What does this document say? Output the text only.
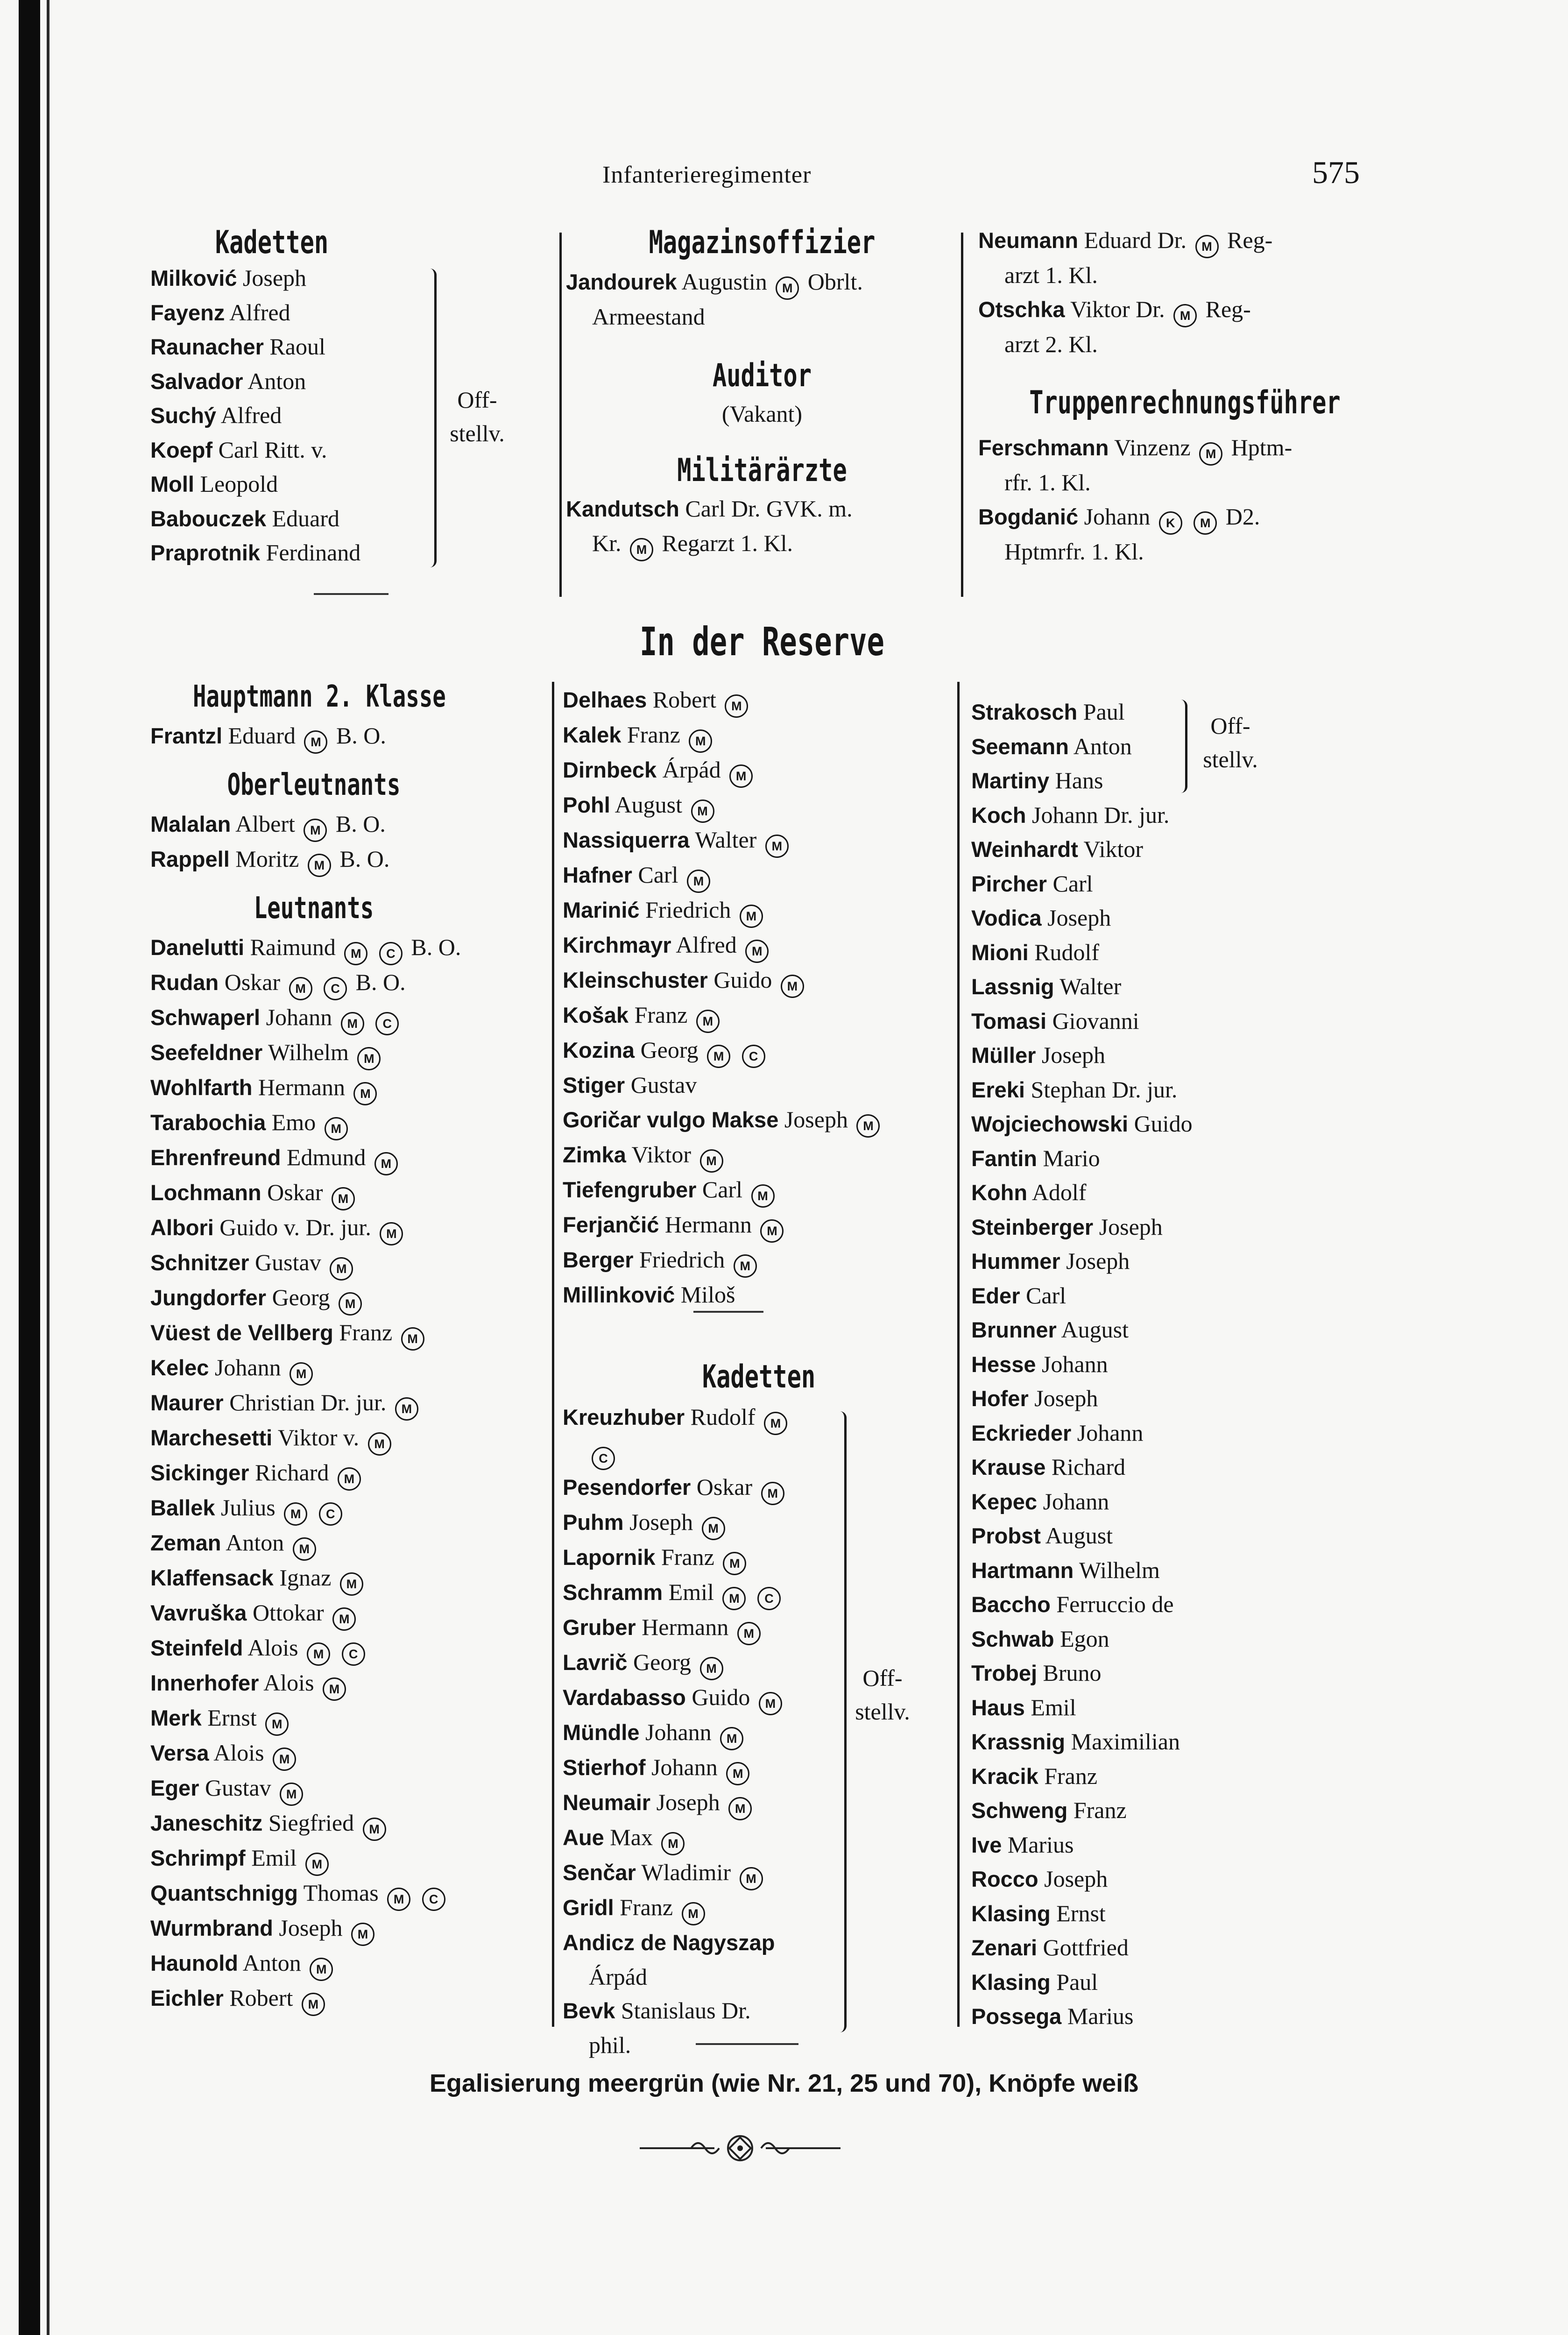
Infanterieregimenter	575
Kadetten
Milković Joseph
Fayenz Alfred
Raunacher Raoul
Salvador Anton
Suchý Alfred
Koepf Carl Ritt. v.
Moll Leopold
Babouczek Eduard
Praprotnik Ferdinand
Off-
stellv.
Hauptmann 2. Klasse
Frantzl Eduard M B. O.
Oberleutnants
Malalan Albert M B. O.
Rappell Moritz M B. O.
Leutnants
Danelutti Raimund M C B. O.
Rudan Oskar M C B. O.
Schwaperl Johann M C
Seefeldner Wilhelm M
Wohlfarth Hermann M
Tarabochia Emo M
Ehrenfreund Edmund M
Lochmann Oskar M
Albori Guido v. Dr. jur. M
Schnitzer Gustav M
Jungdorfer Georg M
Vüest de Vellberg Franz M
Kelec Johann M
Maurer Christian Dr. jur. M
Marchesetti Viktor v. M
Sickinger Richard M
Ballek Julius M C
Zeman Anton M
Klaffensack Ignaz M
Vavruška Ottokar M
Steinfeld Alois M C
Innerhofer Alois M
Merk Ernst M
Versa Alois M
Eger Gustav M
Janeschitz Siegfried M
Schrimpf Emil M
Quantschnigg Thomas M C
Wurmbrand Joseph M
Haunold Anton M
Eichler Robert M
Magazinsoffizier
Jandourek Augustin M Obrlt.
Armeestand
Auditor
(Vakant)
Militärärzte
Kandutsch Carl Dr. GVK. m.
Kr. M Regarzt 1. Kl.
In der Reserve
Delhaes Robert M
Kalek Franz M
Dirnbeck Árpád M
Pohl August M
Nassiquerra Walter M
Hafner Carl M
Marinić Friedrich M
Kirchmayr Alfred M
Kleinschuster Guido M
Košak Franz M
Kozina Georg M C
Stiger Gustav
Goričar vulgo Makse Joseph M
Zimka Viktor M
Tiefengruber Carl M
Ferjančić Hermann M
Berger Friedrich M
Millinković Miloš
Kadetten
Kreuzhuber Rudolf M
C
Pesendorfer Oskar M
Puhm Joseph M
Lapornik Franz M
Schramm Emil M C
Gruber Hermann M
Lavrič Georg M
Vardabasso Guido M
Mündle Johann M
Stierhof Johann M
Neumair Joseph M
Aue Max M
Senčar Wladimir M
Gridl Franz M
Andicz de Nagyszap
Árpád
Bevk Stanislaus Dr.
phil.
Off-
stellv.
Neumann Eduard Dr. M Reg-
arzt 1. Kl.
Otschka Viktor Dr. M Reg-
arzt 2. Kl.
Truppenrechnungsführer
Ferschmann Vinzenz M Hptm-
rfr. 1. Kl.
Bogdanić Johann K M D2.
Hptmrfr. 1. Kl.
Strakosch Paul
Seemann Anton
Martiny Hans
Off-
stellv.
Koch Johann Dr. jur.
Weinhardt Viktor
Pircher Carl
Vodica Joseph
Mioni Rudolf
Lassnig Walter
Tomasi Giovanni
Müller Joseph
Ereki Stephan Dr. jur.
Wojciechowski Guido
Fantin Mario
Kohn Adolf
Steinberger Joseph
Hummer Joseph
Eder Carl
Brunner August
Hesse Johann
Hofer Joseph
Eckrieder Johann
Krause Richard
Kepec Johann
Probst August
Hartmann Wilhelm
Baccho Ferruccio de
Schwab Egon
Trobej Bruno
Haus Emil
Krassnig Maximilian
Kracik Franz
Schweng Franz
Ive Marius
Rocco Joseph
Klasing Ernst
Zenari Gottfried
Klasing Paul
Possega Marius
Egalisierung meergrün (wie Nr. 21, 25 und 70), Knöpfe weiß
